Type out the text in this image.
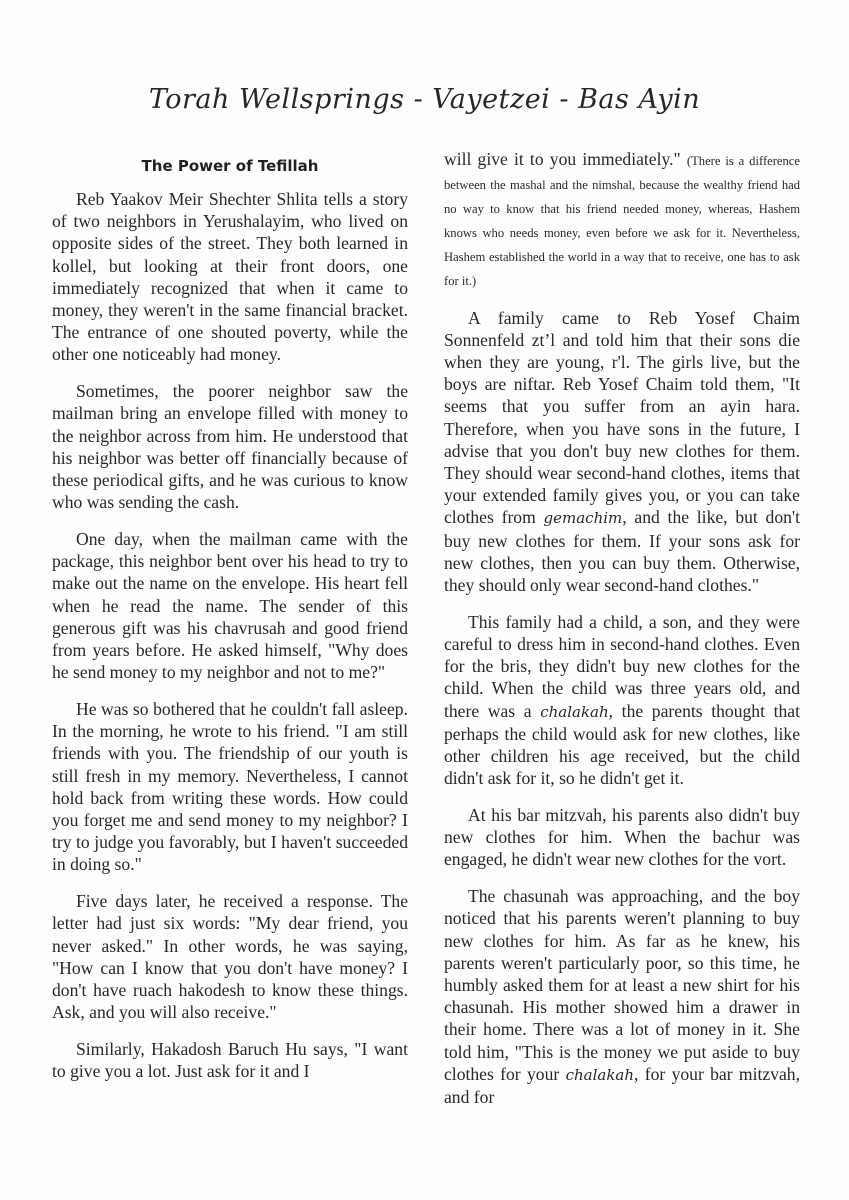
Torah Wellsprings - Vayetzei - Bas Ayin
The Power of Tefillah

Reb Yaakov Meir Shechter Shlita tells a story of two neighbors in Yerushalayim, who lived on opposite sides of the street. They both learned in kollel, but looking at their front doors, one immediately recognized that when it came to money, they weren't in the same financial bracket. The entrance of one shouted poverty, while the other one noticeably had money.

Sometimes, the poorer neighbor saw the mailman bring an envelope filled with money to the neighbor across from him. He understood that his neighbor was better off financially because of these periodical gifts, and he was curious to know who was sending the cash.

One day, when the mailman came with the package, this neighbor bent over his head to try to make out the name on the envelope. His heart fell when he read the name. The sender of this generous gift was his chavrusah and good friend from years before. He asked himself, "Why does he send money to my neighbor and not to me?"

He was so bothered that he couldn't fall asleep. In the morning, he wrote to his friend. "I am still friends with you. The friendship of our youth is still fresh in my memory. Nevertheless, I cannot hold back from writing these words. How could you forget me and send money to my neighbor? I try to judge you favorably, but I haven't succeeded in doing so."

Five days later, he received a response. The letter had just six words: "My dear friend, you never asked." In other words, he was saying, "How can I know that you don't have money? I don't have ruach hakodesh to know these things. Ask, and you will also receive."

Similarly, Hakadosh Baruch Hu says, "I want to give you a lot. Just ask for it and I

will give it to you immediately." (There is a difference between the mashal and the nimshal, because the wealthy friend had no way to know that his friend needed money, whereas, Hashem knows who needs money, even before we ask for it. Nevertheless, Hashem established the world in a way that to receive, one has to ask for it.)

A family came to Reb Yosef Chaim Sonnenfeld zt’l and told him that their sons die when they are young, r'l. The girls live, but the boys are niftar. Reb Yosef Chaim told them, "It seems that you suffer from an ayin hara. Therefore, when you have sons in the future, I advise that you don't buy new clothes for them. They should wear second-hand clothes, items that your extended family gives you, or you can take clothes from gemachim, and the like, but don't buy new clothes for them. If your sons ask for new clothes, then you can buy them. Otherwise, they should only wear second-hand clothes."

This family had a child, a son, and they were careful to dress him in second-hand clothes. Even for the bris, they didn't buy new clothes for the child. When the child was three years old, and there was a chalakah, the parents thought that perhaps the child would ask for new clothes, like other children his age received, but the child didn't ask for it, so he didn't get it.

At his bar mitzvah, his parents also didn't buy new clothes for him. When the bachur was engaged, he didn't wear new clothes for the vort.

The chasunah was approaching, and the boy noticed that his parents weren't planning to buy new clothes for him. As far as he knew, his parents weren't particularly poor, so this time, he humbly asked them for at least a new shirt for his chasunah. His mother showed him a drawer in their home. There was a lot of money in it. She told him, "This is the money we put aside to buy clothes for your chalakah, for your bar mitzvah, and for
